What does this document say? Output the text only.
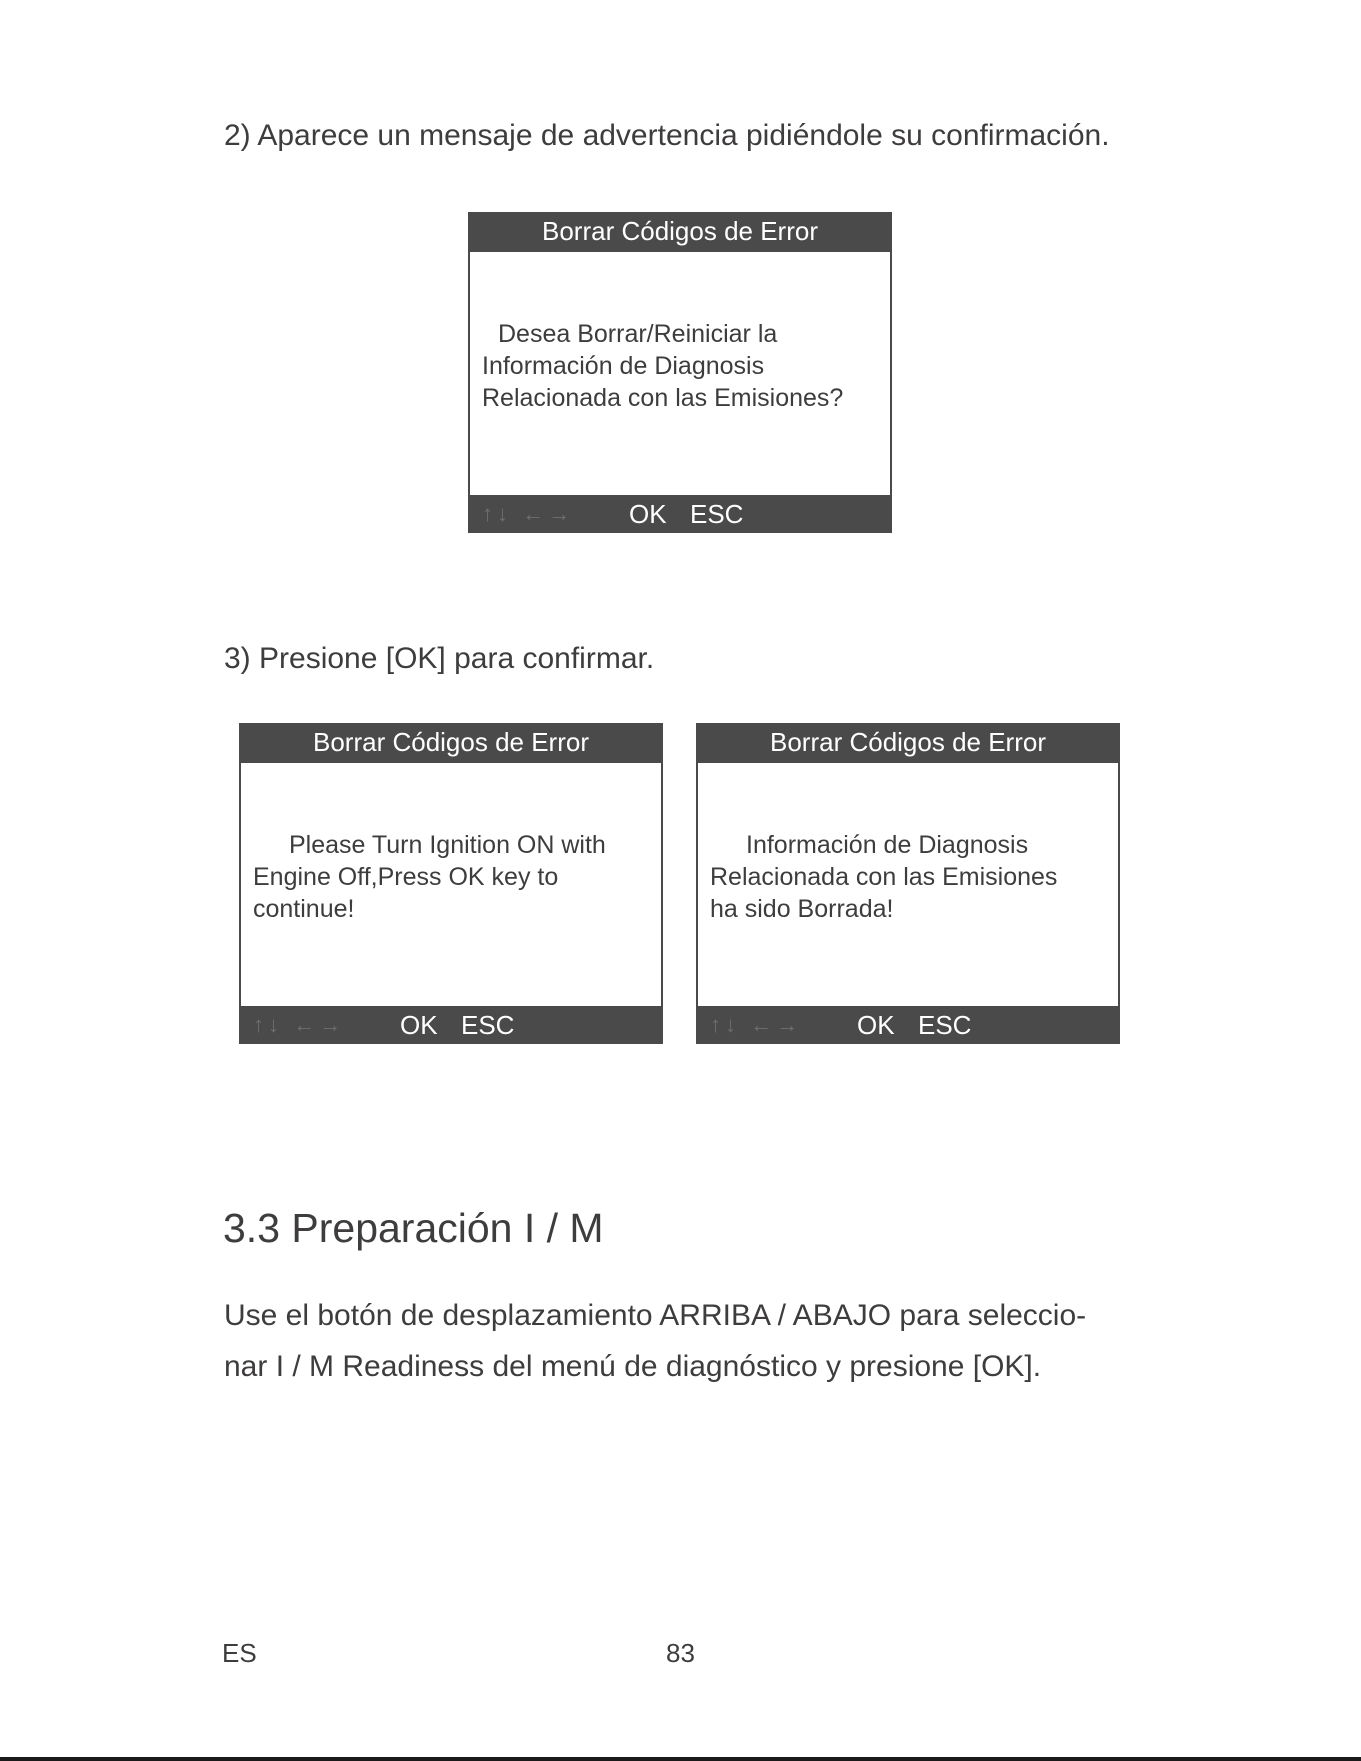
2) Aparece un mensaje de advertencia pidiéndole su confirmación.

Borrar Códigos de Error
Desea Borrar/Reiniciar la
Información de Diagnosis
Relacionada con las Emisiones?
↑↓ ←→ OK ESC

3) Presione [OK] para confirmar.

Borrar Códigos de Error
Please Turn Ignition ON with
Engine Off,Press OK key to
continue!
↑↓ ←→ OK ESC
Borrar Códigos de Error
Información de Diagnosis
Relacionada con las Emisiones
ha sido Borrada!
↑↓ ←→ OK ESC
3.3 Preparación I / M

Use el botón de desplazamiento ARRIBA / ABAJO para seleccio-
nar I / M Readiness del menú de diagnóstico y presione [OK].

ES	83
